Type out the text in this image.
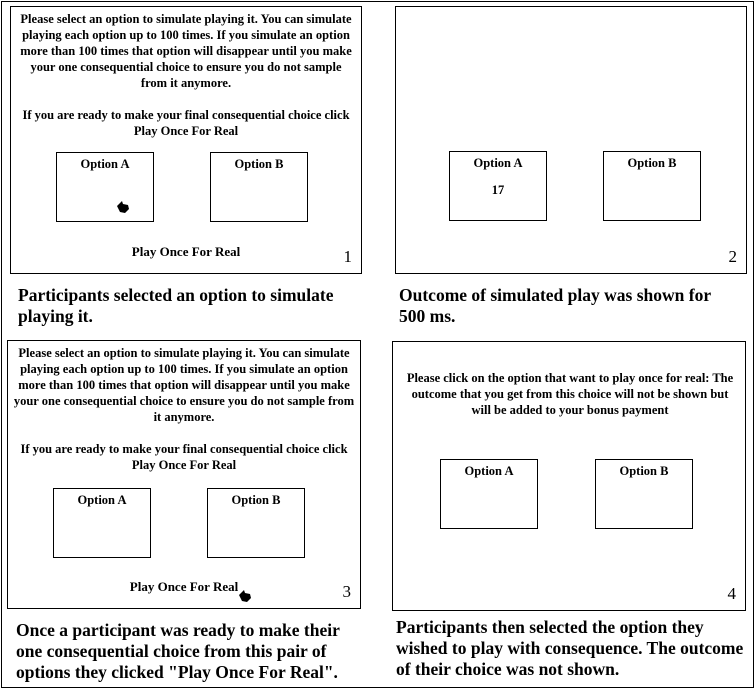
Please select an option to simulate playing it. You can simulate playing each option up to 100 times. If you simulate an option more than 100 times that option will disappear until you make your one consequential choice to ensure you do not sample from it anymore.

If you are ready to make your final consequential choice click Play Once For Real

Option A	Option B
Play Once For Real	1
Option A
17
Option B
2
Participants selected an option to simulate playing it.
Outcome of simulated play was shown for 500 ms.

Please select an option to simulate playing it. You can simulate playing each option up to 100 times. If you simulate an option more than 100 times that option will disappear until you make your one consequential choice to ensure you do not sample from it anymore.

If you are ready to make your final consequential choice click Play Once For Real

Option A	Option B
Play Once For Real	3
Please click on the option that want to play once for real: The outcome that you get from this choice will not be shown but will be added to your bonus payment
Option A	Option B
4
Once a participant was ready to make their one consequential choice from this pair of options they clicked "Play Once For Real".
Participants then selected the option they wished to play with consequence. The outcome of their choice was not shown.
